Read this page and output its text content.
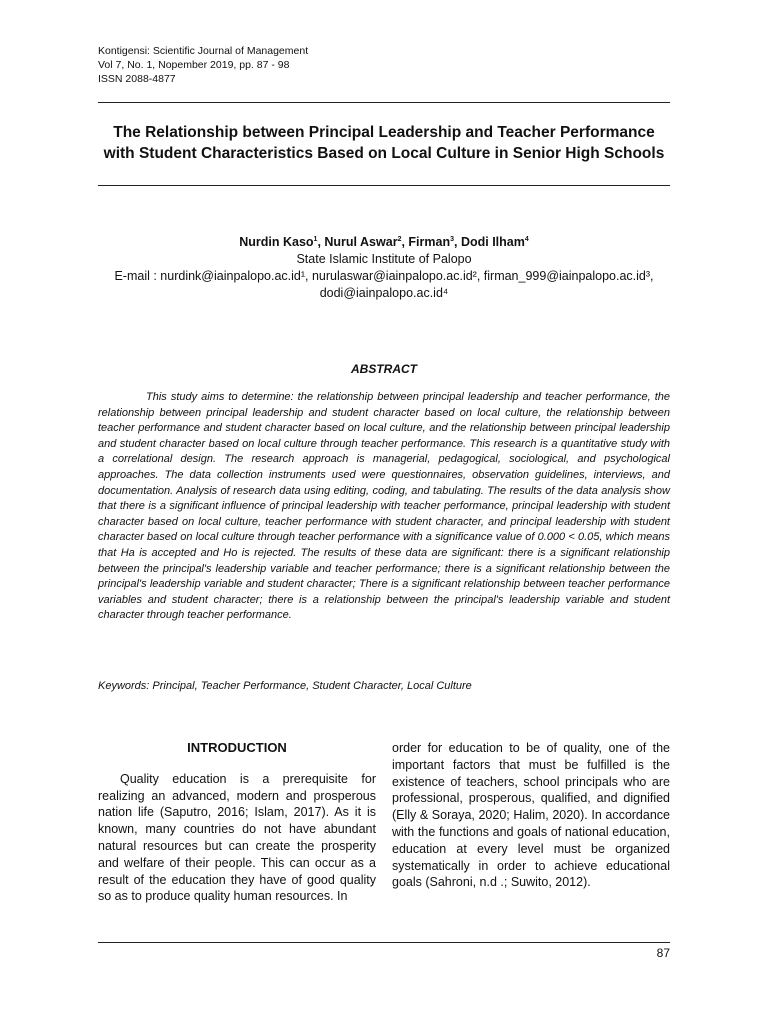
Kontigensi: Scientific Journal of Management
Vol 7, No. 1, Nopember 2019, pp. 87 - 98
ISSN 2088-4877
The Relationship between Principal Leadership and Teacher Performance with Student Characteristics Based on Local Culture in Senior High Schools
Nurdin Kaso$^1$, Nurul Aswar$^2$, Firman$^3$, Dodi Ilham$^4$
State Islamic Institute of Palopo
E-mail : nurdink@iainpalopo.ac.id¹, nurulaswar@iainpalopo.ac.id², firman_999@iainpalopo.ac.id³,
dodi@iainpalopo.ac.id⁴
ABSTRACT
This study aims to determine: the relationship between principal leadership and teacher performance, the relationship between principal leadership and student character based on local culture, the relationship between teacher performance and student character based on local culture, and the relationship between principal leadership and student character based on local culture through teacher performance. This research is a quantitative study with a correlational design. The research approach is managerial, pedagogical, sociological, and psychological approaches. The data collection instruments used were questionnaires, observation guidelines, interviews, and documentation. Analysis of research data using editing, coding, and tabulating. The results of the data analysis show that there is a significant influence of principal leadership with teacher performance, principal leadership with student character based on local culture, teacher performance with student character, and principal leadership with student character based on local culture through teacher performance with a significance value of 0.000 < 0.05, which means that Ha is accepted and Ho is rejected. The results of these data are significant: there is a significant relationship between the principal's leadership variable and teacher performance; there is a significant relationship between the principal's leadership variable and student character; There is a significant relationship between teacher performance variables and student character; there is a relationship between the principal's leadership variable and student character through teacher performance.
Keywords: Principal, Teacher Performance, Student Character, Local Culture
INTRODUCTION

Quality education is a prerequisite for realizing an advanced, modern and prosperous nation life (Saputro, 2016; Islam, 2017). As it is known, many countries do not have abundant natural resources but can create the prosperity and welfare of their people. This can occur as a result of the education they have of good quality so as to produce quality human resources. In

order for education to be of quality, one of the important factors that must be fulfilled is the existence of teachers, school principals who are professional, prosperous, qualified, and dignified (Elly & Soraya, 2020; Halim, 2020). In accordance with the functions and goals of national education, education at every level must be organized systematically in order to achieve educational goals (Sahroni, n.d .; Suwito, 2012).

87
